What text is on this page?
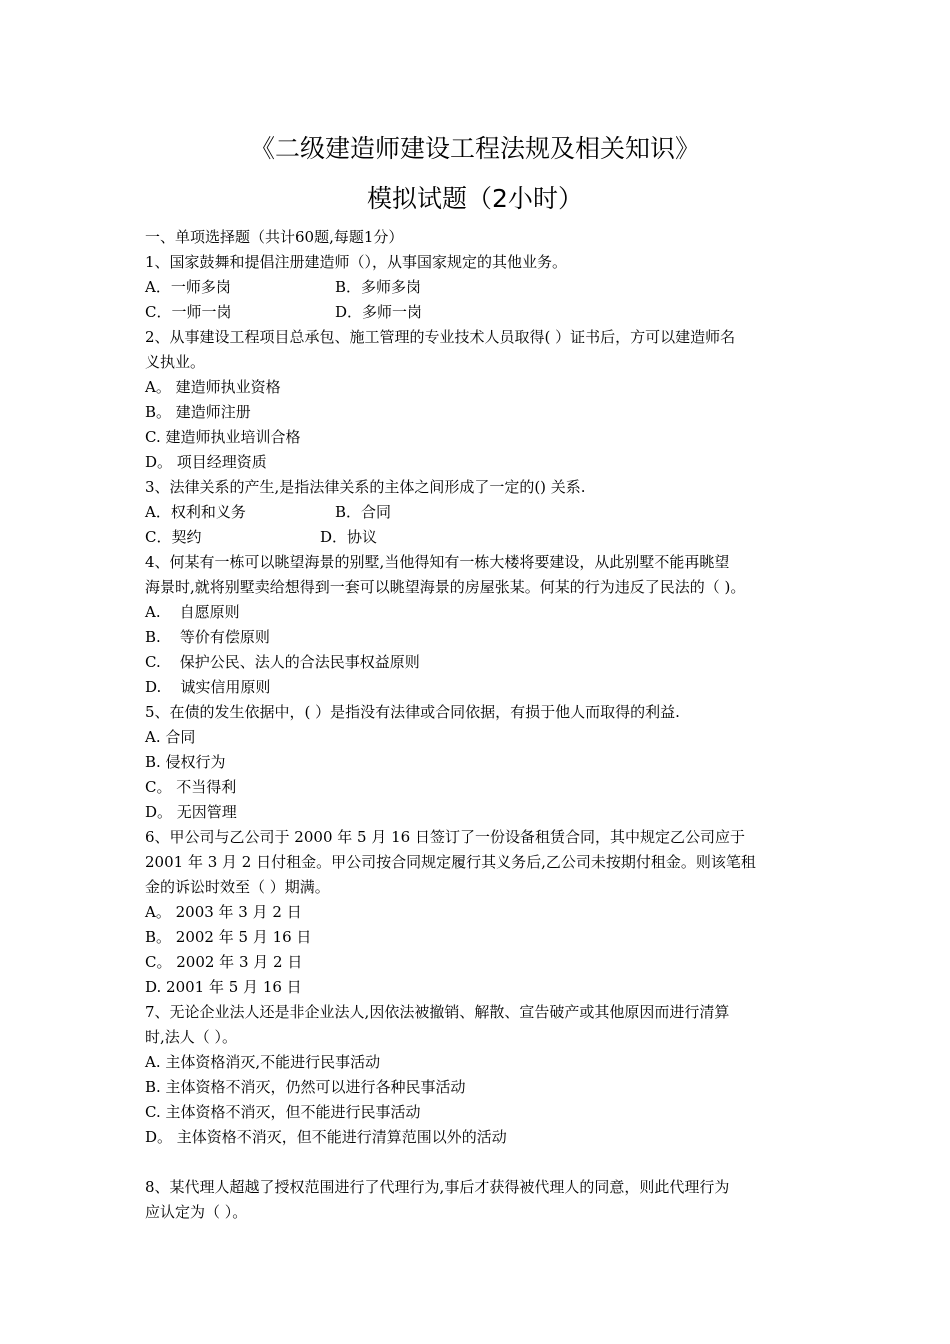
《二级建造师建设工程法规及相关知识》
模拟试题（2小时）
一、单项选择题（共计60题,每题1分）
1、国家鼓舞和提倡注册建造师（），从事国家规定的其他业务。
A．一师多岗	B．多师多岗
C．一师一岗	D．多师一岗
2、从事建设工程项目总承包、施工管理的专业技术人员取得( ）证书后，方可以建造师名
义执业。
A。 建造师执业资格
B。 建造师注册
C. 建造师执业培训合格
D。 项目经理资质
3、法律关系的产生,是指法律关系的主体之间形成了一定的() 关系.
A．权利和义务	B．合同
C．契约	D．协议
4、何某有一栋可以眺望海景的别墅,当他得知有一栋大楼将要建设，从此别墅不能再眺望
海景时,就将别墅卖给想得到一套可以眺望海景的房屋张某。何某的行为违反了民法的（ )。
A.    自愿原则
B.    等价有偿原则
C.    保护公民、法人的合法民事权益原则
D.    诚实信用原则
5、在债的发生依据中，( ）是指没有法律或合同依据，有损于他人而取得的利益.
A. 合同
B. 侵权行为
C。 不当得利
D。 无因管理
6、甲公司与乙公司于 2000 年 5 月 16 日签订了一份设备租赁合同，其中规定乙公司应于
2001 年 3 月 2 日付租金。甲公司按合同规定履行其义务后,乙公司未按期付租金。则该笔租
金的诉讼时效至（ ）期满。
A。 2003 年 3 月 2 日
B。 2002 年 5 月 16 日
C。 2002 年 3 月 2 日
D. 2001 年 5 月 16 日
7、无论企业法人还是非企业法人,因依法被撤销、解散、宣告破产或其他原因而进行清算
时,法人（ ）。
A. 主体资格消灭,不能进行民事活动
B. 主体资格不消灭，仍然可以进行各种民事活动
C. 主体资格不消灭，但不能进行民事活动
D。 主体资格不消灭，但不能进行清算范围以外的活动
8、某代理人超越了授权范围进行了代理行为,事后才获得被代理人的同意，则此代理行为
应认定为（ ）。
